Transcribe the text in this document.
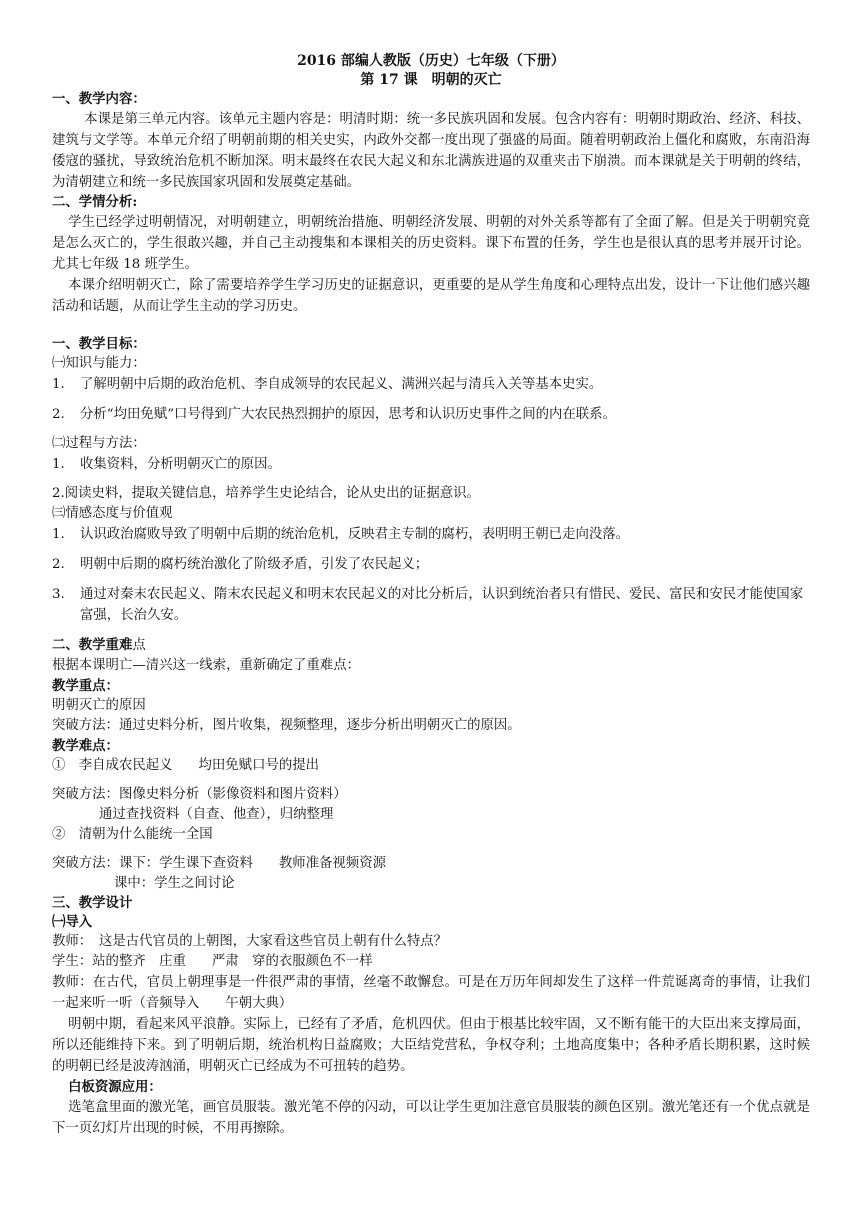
2016 部编人教版（历史）七年级（下册）
第 17 课　明朝的灭亡
一、教学内容：
本课是第三单元内容。该单元主题内容是：明清时期：统一多民族巩固和发展。包含内容有：明朝时期政治、经济、科技、建筑与文学等。本单元介绍了明朝前期的相关史实，内政外交都一度出现了强盛的局面。随着明朝政治上僵化和腐败，东南沿海倭寇的骚扰，导致统治危机不断加深。明末最终在农民大起义和东北满族进逼的双重夹击下崩溃。而本课就是关于明朝的终结，为清朝建立和统一多民族国家巩固和发展奠定基础。
二、学情分析:
学生已经学过明朝情况，对明朝建立，明朝统治措施、明朝经济发展、明朝的对外关系等都有了全面了解。但是关于明朝究竟是怎么灭亡的，学生很敢兴趣，并自己主动搜集和本课相关的历史资料。课下布置的任务，学生也是很认真的思考并展开讨论。尤其七年级 18 班学生。
本课介绍明朝灭亡，除了需要培养学生学习历史的证据意识，更重要的是从学生角度和心理特点出发，设计一下让他们感兴趣活动和话题，从而让学生主动的学习历史。
一、教学目标：
㈠知识与能力：
1.	了解明朝中后期的政治危机、李自成领导的农民起义、满洲兴起与清兵入关等基本史实。
2.	分析“均田免赋”口号得到广大农民热烈拥护的原因，思考和认识历史事件之间的内在联系。
㈡过程与方法：
1.	收集资料，分析明朝灭亡的原因。
2.阅读史料，提取关键信息，培养学生史论结合，论从史出的证据意识。
㈢情感态度与价值观
1.	认识政治腐败导致了明朝中后期的统治危机，反映君主专制的腐朽，表明明王朝已走向没落。
2.	明朝中后期的腐朽统治激化了阶级矛盾，引发了农民起义；
3.	通过对秦末农民起义、隋末农民起义和明末农民起义的对比分析后，认识到统治者只有惜民、爱民、富民和安民才能使国家富强，长治久安。
二、教学重难点
根据本课明亡—清兴这一线索，重新确定了重难点：
教学重点：
明朝灭亡的原因
突破方法：通过史料分析，图片收集，视频整理，逐步分析出明朝灭亡的原因。
教学难点：
①　李自成农民起义 均田免赋口号的提出
突破方法：图像史料分析（影像资料和图片资料）
通过查找资料（自查、他查），归纳整理
②　清朝为什么能统一全国
突破方法：课下：学生课下查资料 教师准备视频资源
课中：学生之间讨论
三、教学设计
㈠导入
教师：　这是古代官员的上朝图，大家看这些官员上朝有什么特点？
学生：站的整齐　庄重 严肃　穿的衣服颜色不一样
教师：在古代，官员上朝理事是一件很严肃的事情，丝毫不敢懈怠。可是在万历年间却发生了这样一件荒诞离奇的事情，让我们一起来听一听（音频导入 午朝大典）
明朝中期，看起来风平浪静。实际上，已经有了矛盾，危机四伏。但由于根基比较牢固，又不断有能干的大臣出来支撑局面，所以还能维持下来。到了明朝后期，统治机构日益腐败；大臣结党营私，争权夺利；土地高度集中；各种矛盾长期积累，这时候的明朝已经是波涛汹涌，明朝灭亡已经成为不可扭转的趋势。
白板资源应用：
选笔盒里面的激光笔，画官员服装。激光笔不停的闪动，可以让学生更加注意官员服装的颜色区别。激光笔还有一个优点就是下一页幻灯片出现的时候，不用再擦除。
